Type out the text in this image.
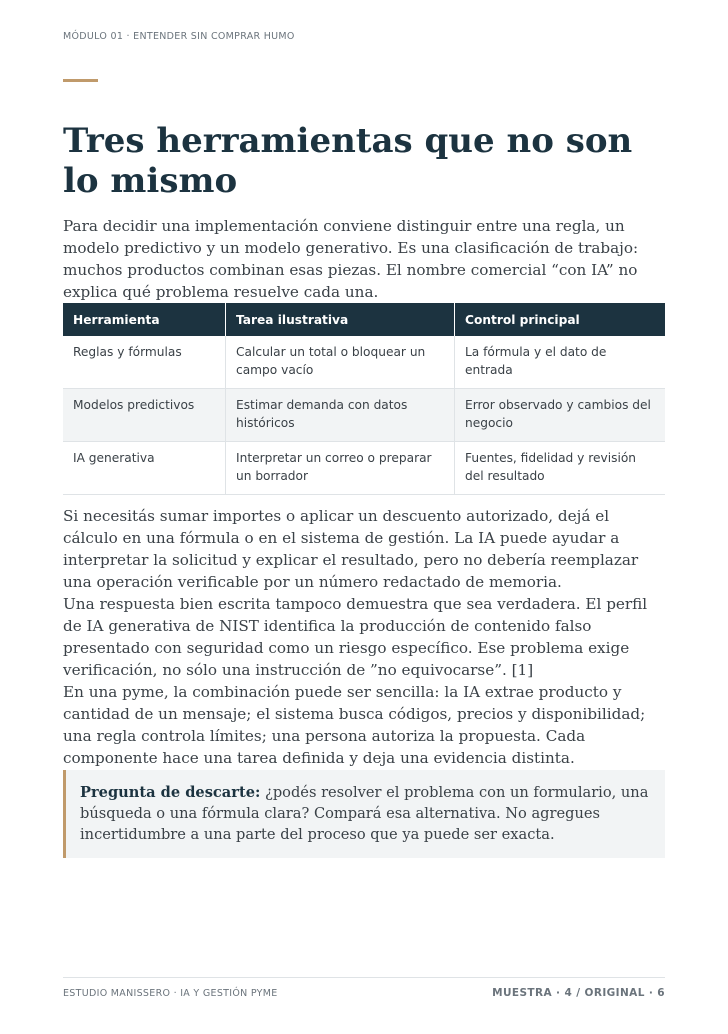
MÓDULO 01 · ENTENDER SIN COMPRAR HUMO
Tres herramientas que no son lo mismo

Para decidir una implementación conviene distinguir entre una regla, un modelo predictivo y un modelo generativo. Es una clasificación de trabajo: muchos productos combinan esas piezas. El nombre comercial “con IA” no explica qué problema resuelve cada una.

Herramienta	Tarea ilustrativa	Control principal
Reglas y fórmulas	Calcular un total o bloquear un campo vacío	La fórmula y el dato de entrada
Modelos predictivos	Estimar demanda con datos históricos	Error observado y cambios del negocio
IA generativa	Interpretar un correo o preparar un borrador	Fuentes, fidelidad y revisión del resultado

Si necesitás sumar importes o aplicar un descuento autorizado, dejá el cálculo en una fórmula o en el sistema de gestión. La IA puede ayudar a interpretar la solicitud y explicar el resultado, pero no debería reemplazar una operación verificable por un número redactado de memoria.

Una respuesta bien escrita tampoco demuestra que sea verdadera. El perfil de IA generativa de NIST identifica la producción de contenido falso presentado con seguridad como un riesgo específico. Ese problema exige verificación, no sólo una instrucción de ”no equivocarse”. [1]

En una pyme, la combinación puede ser sencilla: la IA extrae producto y cantidad de un mensaje; el sistema busca códigos, precios y disponibilidad; una regla controla límites; una persona autoriza la propuesta. Cada componente hace una tarea definida y deja una evidencia distinta.

Pregunta de descarte: ¿podés resolver el problema con un formulario, una búsqueda o una fórmula clara? Compará esa alternativa. No agregues incertidumbre a una parte del proceso que ya puede ser exacta.
ESTUDIO MANISSERO · IA Y GESTIÓN PYME	MUESTRA · 4 / ORIGINAL · 6
